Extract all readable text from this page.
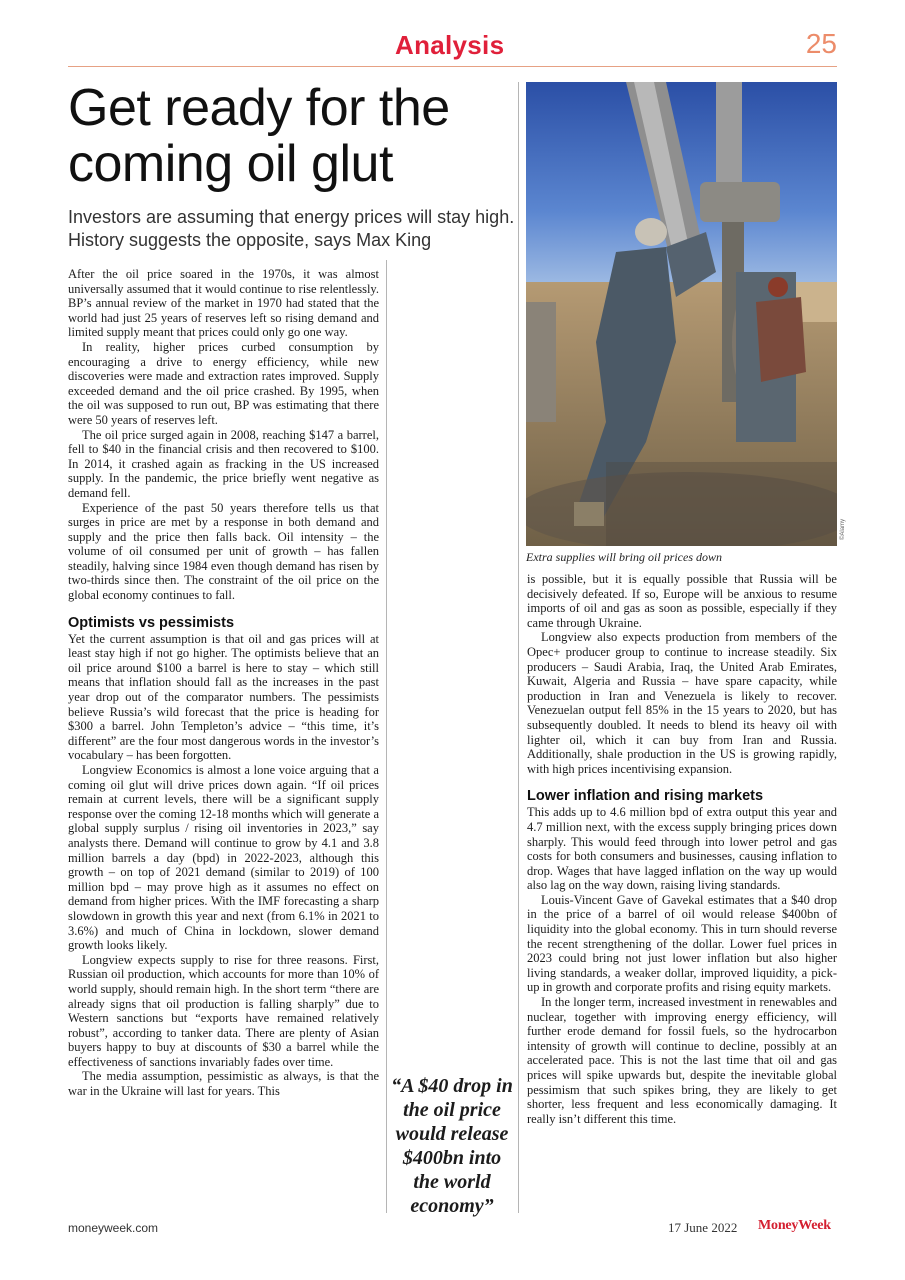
Analysis	25
Get ready for the coming oil glut
Investors are assuming that energy prices will stay high. History suggests the opposite, says Max King

After the oil price soared in the 1970s, it was almost universally assumed that it would continue to rise relentlessly. BP’s annual review of the market in 1970 had stated that the world had just 25 years of reserves left so rising demand and limited supply meant that prices could only go one way.

In reality, higher prices curbed consumption by encouraging a drive to energy efficiency, while new discoveries were made and extraction rates improved. Supply exceeded demand and the oil price crashed. By 1995, when the oil was supposed to run out, BP was estimating that there were 50 years of reserves left.

The oil price surged again in 2008, reaching $147 a barrel, fell to $40 in the financial crisis and then recovered to $100. In 2014, it crashed again as fracking in the US increased supply. In the pandemic, the price briefly went negative as demand fell.

Experience of the past 50 years therefore tells us that surges in price are met by a response in both demand and supply and the price then falls back. Oil intensity – the volume of oil consumed per unit of growth – has fallen steadily, halving since 1984 even though demand has risen by two-thirds since then. The constraint of the oil price on the global economy continues to fall.

Optimists vs pessimists

Yet the current assumption is that oil and gas prices will at least stay high if not go higher. The optimists believe that an oil price around $100 a barrel is here to stay – which still means that inflation should fall as the increases in the past year drop out of the comparator numbers. The pessimists believe Russia’s wild forecast that the price is heading for $300 a barrel. John Templeton’s advice – “this time, it’s different” are the four most dangerous words in the investor’s vocabulary – has been forgotten.

Longview Economics is almost a lone voice arguing that a coming oil glut will drive prices down again. “If oil prices remain at current levels, there will be a significant supply response over the coming 12-18 months which will generate a global supply surplus / rising oil inventories in 2023,” say analysts there. Demand will continue to grow by 4.1 and 3.8 million barrels a day (bpd) in 2022-2023, although this growth – on top of 2021 demand (similar to 2019) of 100 million bpd – may prove high as it assumes no effect on demand from higher prices. With the IMF forecasting a sharp slowdown in growth this year and next (from 6.1% in 2021 to 3.6%) and much of China in lockdown, slower demand growth looks likely.

Longview expects supply to rise for three reasons. First, Russian oil production, which accounts for more than 10% of world supply, should remain high. In the short term “there are already signs that oil production is falling sharply” due to Western sanctions but “exports have remained relatively robust”, according to tanker data. There are plenty of Asian buyers happy to buy at discounts of $30 a barrel while the effectiveness of sanctions invariably fades over time.

The media assumption, pessimistic as always, is that the war in the Ukraine will last for years. This	“A $40 drop in the oil price would release $400bn into the world economy”
©Alamy
Extra supplies will bring oil prices down

is possible, but it is equally possible that Russia will be decisively defeated. If so, Europe will be anxious to resume imports of oil and gas as soon as possible, especially if they came through Ukraine.

Longview also expects production from members of the Opec+ producer group to continue to increase steadily. Six producers – Saudi Arabia, Iraq, the United Arab Emirates, Kuwait, Algeria and Russia – have spare capacity, while production in Iran and Venezuela is likely to recover. Venezuelan output fell 85% in the 15 years to 2020, but has subsequently doubled. It needs to blend its heavy oil with lighter oil, which it can buy from Iran and Russia. Additionally, shale production in the US is growing rapidly, with high prices incentivising expansion.

Lower inflation and rising markets

This adds up to 4.6 million bpd of extra output this year and 4.7 million next, with the excess supply bringing prices down sharply. This would feed through into lower petrol and gas costs for both consumers and businesses, causing inflation to drop. Wages that have lagged inflation on the way up would also lag on the way down, raising living standards.

Louis-Vincent Gave of Gavekal estimates that a $40 drop in the price of a barrel of oil would release $400bn of liquidity into the global economy. This in turn should reverse the recent strengthening of the dollar. Lower fuel prices in 2023 could bring not just lower inflation but also higher living standards, a weaker dollar, improved liquidity, a pick-up in growth and corporate profits and rising equity markets.

In the longer term, increased investment in renewables and nuclear, together with improving energy efficiency, will further erode demand for fossil fuels, so the hydrocarbon intensity of growth will continue to decline, possibly at an accelerated pace. This is not the last time that oil and gas prices will spike upwards but, despite the inevitable global pessimism that such spikes bring, they are likely to get shorter, less frequent and less economically damaging. It really isn’t different this time.

moneyweek.com	17 June 2022 MoneyWeek
